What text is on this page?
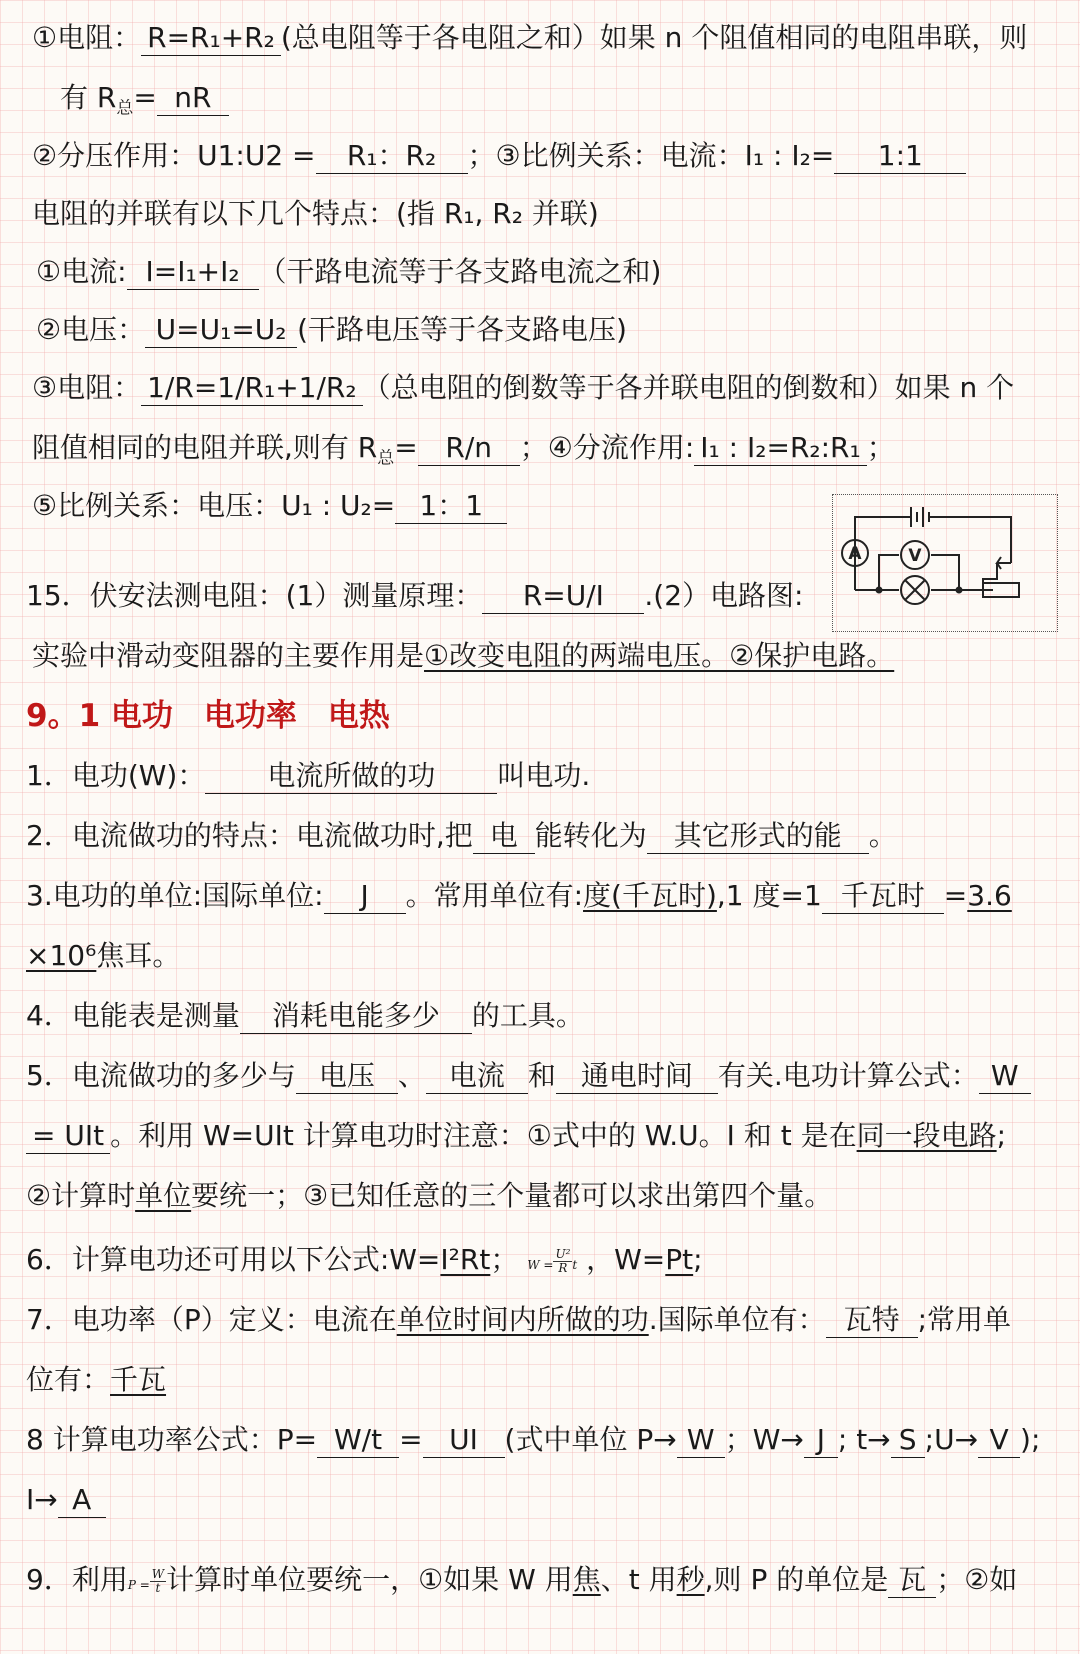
①电阻： R=R₁+R₂ (总电阻等于各电阻之和）如果 n 个阻值相同的电阻串联，则
有 $R_总=$ nR
②分压作用：U1:U2 = R₁：R₂ ；③比例关系：电流：I₁ : I₂= 1:1
电阻的并联有以下几个特点：(指 R₁, R₂ 并联)
①电流: I=I₁+I₂ （干路电流等于各支路电流之和)
②电压： U=U₁=U₂ (干路电压等于各支路电压)
③电阻： 1/R=1/R₁+1/R₂ （总电阻的倒数等于各并联电阻的倒数和）如果 n 个
阻值相同的电阻并联,则有 $R_总= R/n$ ；④分流作用: I₁ : I₂=R₂:R₁ ；
⑤比例关系：电压：U₁ : U₂= 1：1
15．伏安法测电阻：(1）测量原理： R=U/I .(2）电路图:
A	V
实验中滑动变阻器的主要作用是①改变电阻的两端电压。②保护电路。
9。1 电功　电功率　电热
1．电功(W)： 电流所做的功 叫电功.
2．电流做功的特点：电流做功时,把 电 能转化为 其它形式的能 。
3.电功的单位:国际单位: J 。常用单位有:度(千瓦时),1 度=1 千瓦时 =3.6
×10⁶焦耳。
4．电能表是测量 消耗电能多少 的工具。
5．电流做功的多少与 电压 、 电流 和 通电时间 有关.电功计算公式： W
= UIt 。利用 W=UIt 计算电功时注意：①式中的 W.U。I 和 t 是在同一段电路;
②计算时单位要统一；③已知任意的三个量都可以求出第四个量。
6．计算电功还可用以下公式:W=I²Rt； $W = \frac{\text{U²}}{R}$ t ，W=Pt;
7．电功率（P）定义：电流在单位时间内所做的功.国际单位有： 瓦特 ;常用单
位有：千瓦
8 计算电功率公式：P= W/t = UI (式中单位 P→ W ；W→ J ; t→ S ;U→ V );
I→ A
9．利用$P = \frac{W}{t}$ 计算时单位要统一，①如果 W 用焦、t 用秒,则 P 的单位是 瓦 ；②如
